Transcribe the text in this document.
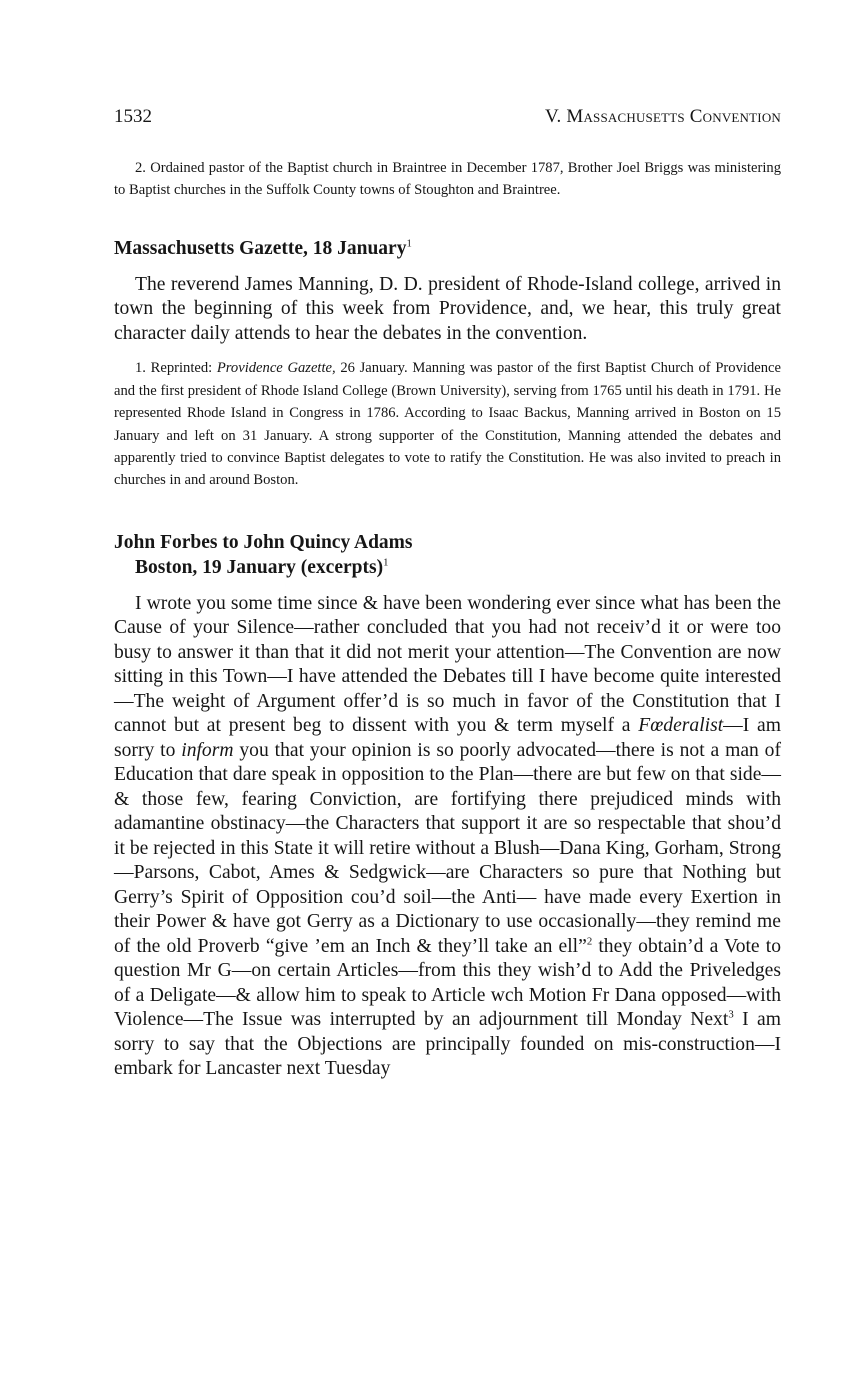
1532	V. Massachusetts Convention

2. Ordained pastor of the Baptist church in Braintree in December 1787, Brother Joel Briggs was ministering to Baptist churches in the Suffolk County towns of Stoughton and Braintree.

Massachusetts Gazette, 18 January$^1$

The reverend James Manning, D. D. president of Rhode-Island college, arrived in town the beginning of this week from Providence, and, we hear, this truly great character daily attends to hear the debates in the convention.

1. Reprinted: Providence Gazette, 26 January. Manning was pastor of the first Baptist Church of Providence and the first president of Rhode Island College (Brown University), serving from 1765 until his death in 1791. He represented Rhode Island in Congress in 1786. According to Isaac Backus, Manning arrived in Boston on 15 January and left on 31 January. A strong supporter of the Constitution, Manning attended the debates and apparently tried to convince Baptist delegates to vote to ratify the Constitution. He was also invited to preach in churches in and around Boston.

John Forbes to John Quincy Adams
Boston, 19 January (excerpts)$^1$

I wrote you some time since & have been wondering ever since what has been the Cause of your Silence—rather concluded that you had not receiv’d it or were too busy to answer it than that it did not merit your attention—The Convention are now sitting in this Town—I have attended the Debates till I have become quite interested—The weight of Argument offer’d is so much in favor of the Constitution that I cannot but at present beg to dissent with you & term myself a Fœderalist—I am sorry to inform you that your opinion is so poorly advocated—there is not a man of Education that dare speak in opposition to the Plan—there are but few on that side—& those few, fearing Conviction, are fortifying there prejudiced minds with adamantine obstinacy—the Characters that support it are so respectable that shou’d it be rejected in this State it will retire without a Blush—Dana King, Gorham, Strong —Parsons, Cabot, Ames & Sedgwick—are Characters so pure that Nothing but Gerry’s Spirit of Opposition cou’d soil—the Anti— have made every Exertion in their Power & have got Gerry as a Dictionary to use occasionally—they remind me of the old Proverb “give ’em an Inch & they’ll take an ell”$^2$ they obtain’d a Vote to question Mr G—on certain Articles—from this they wish’d to Add the Priveledges of a Deligate—& allow him to speak to Article wch Motion Fr Dana opposed—with Violence—The Issue was interrupted by an adjournment till Monday Next$^3$ I am sorry to say that the Objections are principally founded on mis-construction—I embark for Lancaster next Tuesday
